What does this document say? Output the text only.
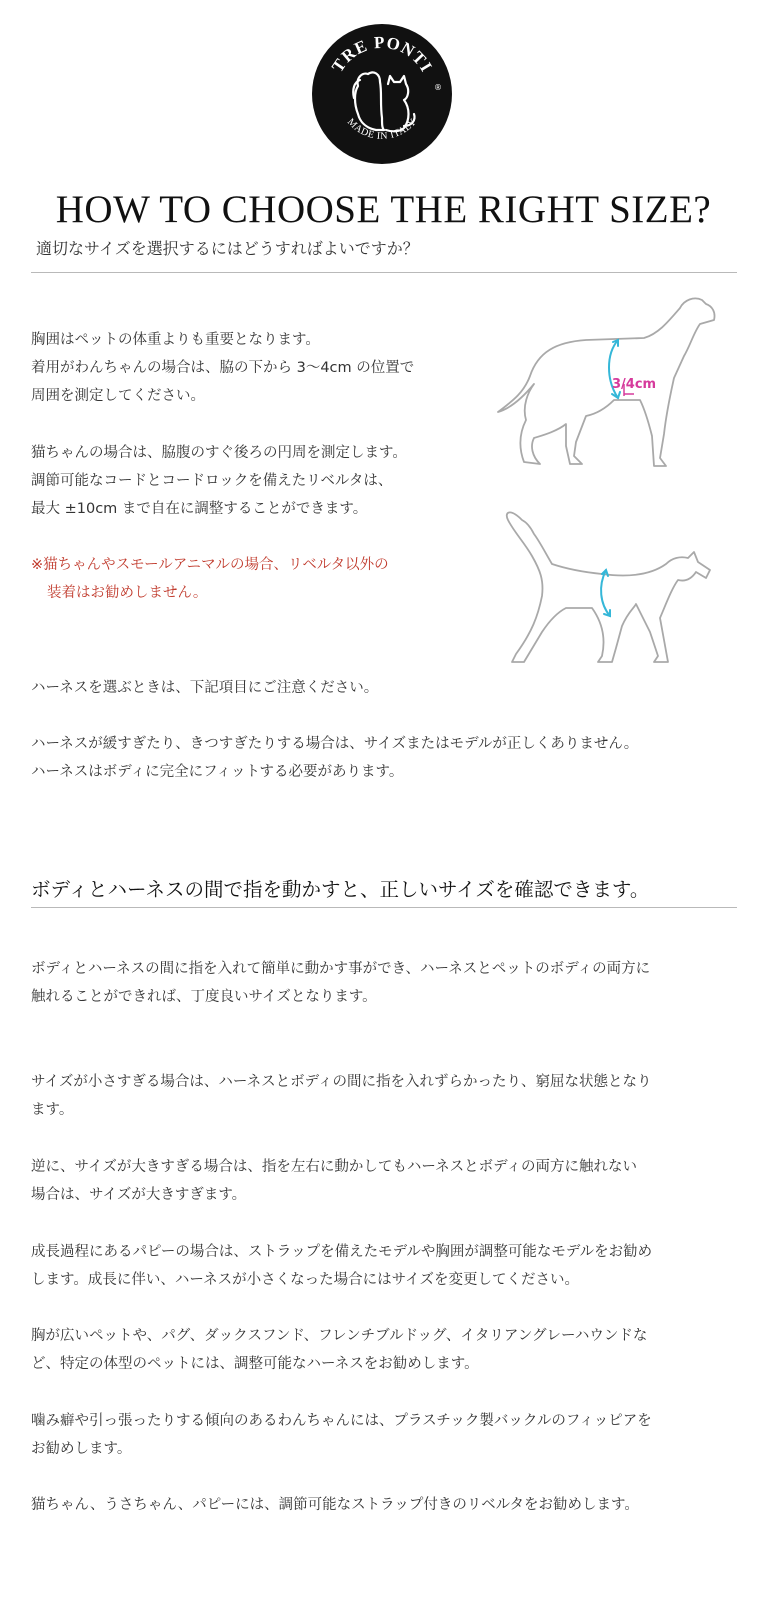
TRE PONTI
MADE IN ITALY
®
HOW TO CHOOSE THE RIGHT SIZE?
適切なサイズを選択するにはどうすればよいですか？

胸囲はペットの体重よりも重要となります。

着用がわんちゃんの場合は、脇の下から 3〜4cm の位置で

周囲を測定してください。

猫ちゃんの場合は、脇腹のすぐ後ろの円周を測定します。

調節可能なコードとコードロックを備えたリベルタは、

最大 ±10cm まで自在に調整することができます。

※猫ちゃんやスモールアニマルの場合、リベルタ以外の

装着はお勧めしません。

3/4cm
ハーネスを選ぶときは、下記項目にご注意ください。

ハーネスが緩すぎたり、きつすぎたりする場合は、サイズまたはモデルが正しくありません。

ハーネスはボディに完全にフィットする必要があります。

ボディとハーネスの間で指を動かすと、正しいサイズを確認できます。

ボディとハーネスの間に指を入れて簡単に動かす事ができ、ハーネスとペットのボディの両方に

触れることができれば、丁度良いサイズとなります。

サイズが小さすぎる場合は、ハーネスとボディの間に指を入れずらかったり、窮屈な状態となり

ます。

逆に、サイズが大きすぎる場合は、指を左右に動かしてもハーネスとボディの両方に触れない

場合は、サイズが大きすぎます。

成長過程にあるパピーの場合は、ストラップを備えたモデルや胸囲が調整可能なモデルをお勧め

します。成長に伴い、ハーネスが小さくなった場合にはサイズを変更してください。

胸が広いペットや、パグ、ダックスフンド、フレンチブルドッグ、イタリアングレーハウンドな

ど、特定の体型のペットには、調整可能なハーネスをお勧めします。

噛み癖や引っ張ったりする傾向のあるわんちゃんには、プラスチック製バックルのフィッピアを

お勧めします。

猫ちゃん、うさちゃん、パピーには、調節可能なストラップ付きのリベルタをお勧めします。
